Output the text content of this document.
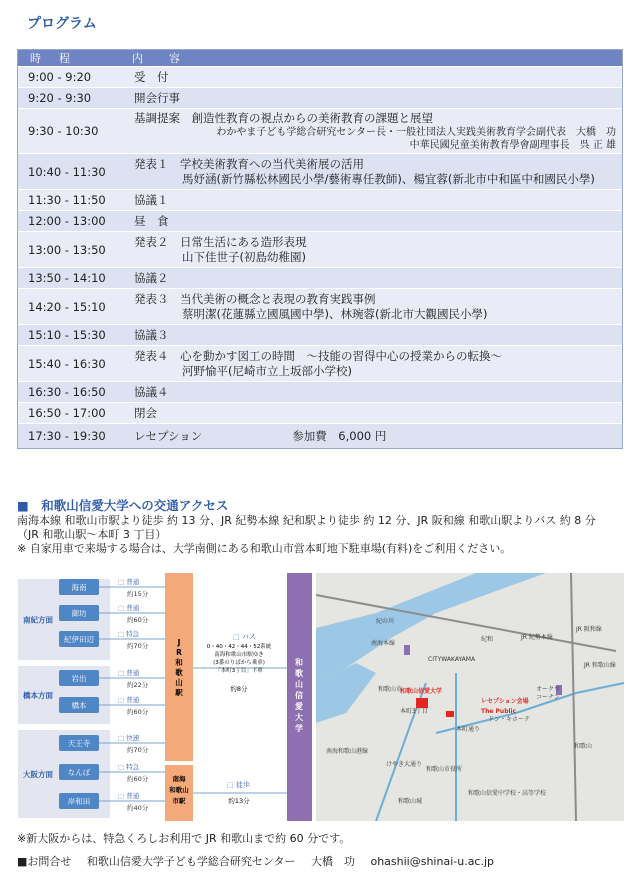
プログラム
時程	内容
9:00 - 9:20	受　付
9:20 - 9:30	開会行事
9:30 - 10:30
基調提案　創造性教育の視点からの美術教育の課題と展望
わかやま子ども学総合研究センター長・一般社団法人実践美術教育学会副代表　大橋　功
中華民國兒童美術教育學會副理事長　呉 正 雄
10:40 - 11:30
発表１　学校美術教育への当代美術展の活用
馬妤涵(新竹縣松林國民小學/藝術專任教師)、楊宜蓉(新北市中和區中和國民小學)
11:30 - 11:50	協議１
12:00 - 13:00	昼　食
13:00 - 13:50
発表２　日常生活にある造形表現
山下佳世子(初島幼稚園)
13:50 - 14:10	協議２
14:20 - 15:10
発表３　当代美術の概念と表現の教育実践事例
蔡明潔(花蓮縣立國風國中學)、林琬蓉(新北市大觀國民小學)
15:10 - 15:30	協議３
15:40 - 16:30
発表４　心を動かす図工の時間　～技能の習得中心の授業からの転換～
河野愉平(尼崎市立上坂部小学校)
16:30 - 16:50	協議４
16:50 - 17:00	閉会
17:30 - 19:30	レセプション	参加費　6,000 円
■　和歌山信愛大学への交通アクセス
南海本線 和歌山市駅より徒歩 約 13 分、JR 紀勢本線 紀和駅より徒歩 約 12 分、JR 阪和線 和歌山駅よりバス 約 8 分
（JR 和歌山駅～本町 3 丁目）
※ 自家用車で来場する場合は、大学南側にある和歌山市営本町地下駐車場(有料)をご利用ください。
南紀方面
橋本方面
大阪方面
海南
⬚ 普通
約15分
御坊
⬚ 普通
約60分
紀伊田辺
⬚ 特急
約70分
岩出
⬚ 普通
約22分
橋本
⬚ 普通
約60分
天王寺
⬚ 快速
約70分
なんば
⬚ 特急
約60分
岸和田
⬚ 普通
約40分
J
R
和
歌
山
駅
南海
和歌山
市駅
⬚ バス
0・40・42・44・52系統
南海和歌山市駅ゆき
(3番のりばから乗車)
「本町3丁目」下車
約8分
⬚ 徒歩
約13分
和
歌
山
信
愛
大
学
紀の川
紀和	JR 紀勢本線
JR 阪和線
南海本線
CITYWAKAYAMA
JR 和歌山線
和歌山市
和歌山信愛大学
レセプション会場
The Public
本町3丁目
本町通り
ドン・キホーテ
オークワ
コーナン
和歌山
南海和歌山港線
けやき大通り
和歌山市役所
和歌山城
和歌山信愛中学校・高等学校
※新大阪からは、特急くろしお利用で JR 和歌山まで約 60 分です。
■お問合せ 和歌山信愛大学子ども学総合研究センター 大橋　功 ohashii@shinai-u.ac.jp
